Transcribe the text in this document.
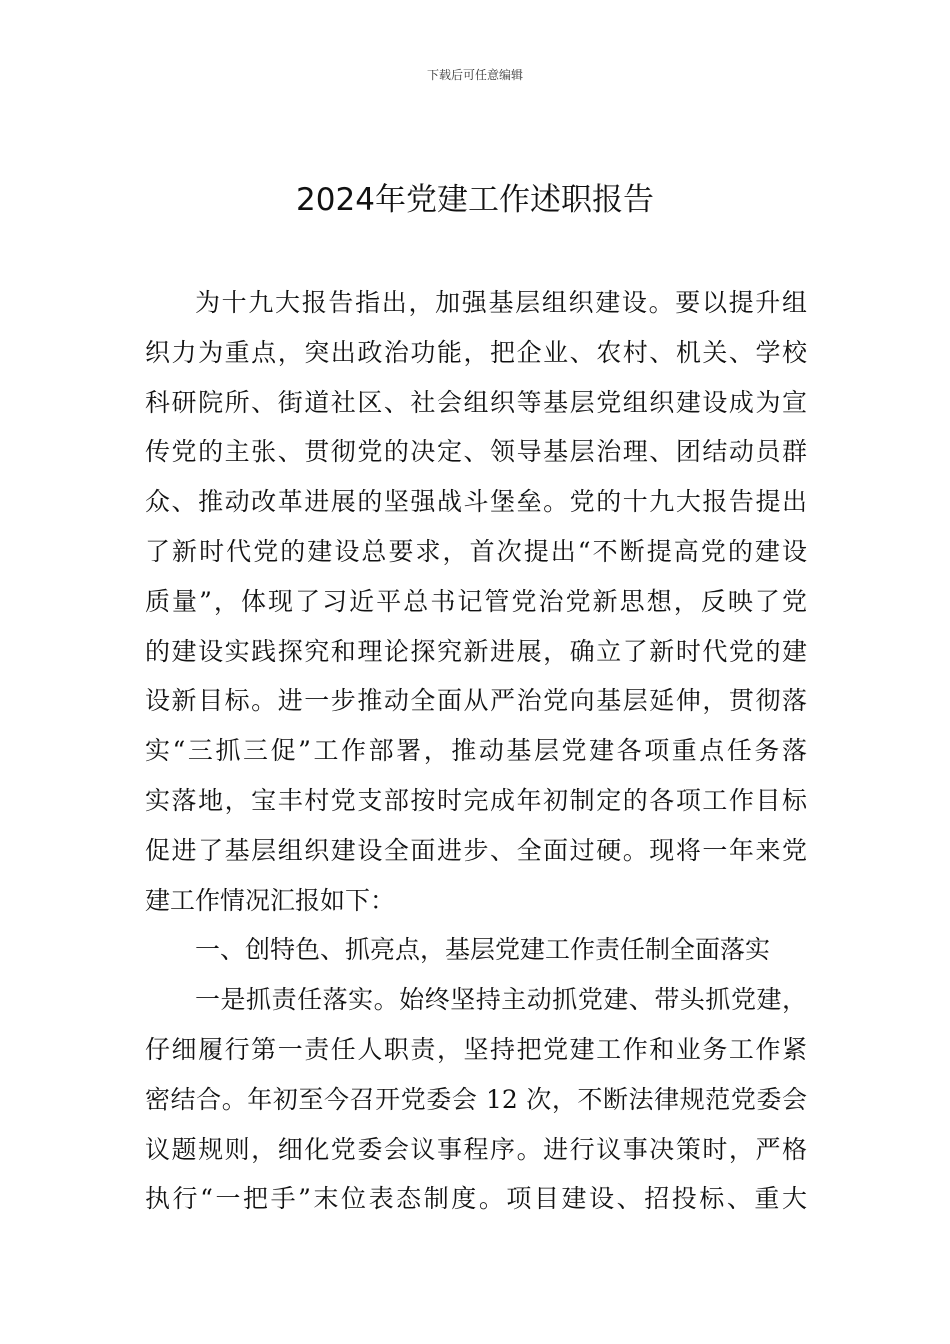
下载后可任意编辑
2024年党建工作述职报告
为十九大报告指出，加强基层组织建设。要以提升组
织力为重点，突出政治功能，把企业、农村、机关、学校
科研院所、街道社区、社会组织等基层党组织建设成为宣
传党的主张、贯彻党的决定、领导基层治理、团结动员群
众、推动改革进展的坚强战斗堡垒。党的十九大报告提出
了新时代党的建设总要求，首次提出“不断提高党的建设
质量”，体现了习近平总书记管党治党新思想，反映了党
的建设实践探究和理论探究新进展，确立了新时代党的建
设新目标。进一步推动全面从严治党向基层延伸，贯彻落
实“三抓三促”工作部署，推动基层党建各项重点任务落
实落地，宝丰村党支部按时完成年初制定的各项工作目标
促进了基层组织建设全面进步、全面过硬。现将一年来党
建工作情况汇报如下：
一、创特色、抓亮点，基层党建工作责任制全面落实
一是抓责任落实。始终坚持主动抓党建、带头抓党建，
仔细履行第一责任人职责，坚持把党建工作和业务工作紧
密结合。年初至今召开党委会 12 次，不断法律规范党委会
议题规则，细化党委会议事程序。进行议事决策时，严格
执行“一把手”末位表态制度。项目建设、招投标、重大
